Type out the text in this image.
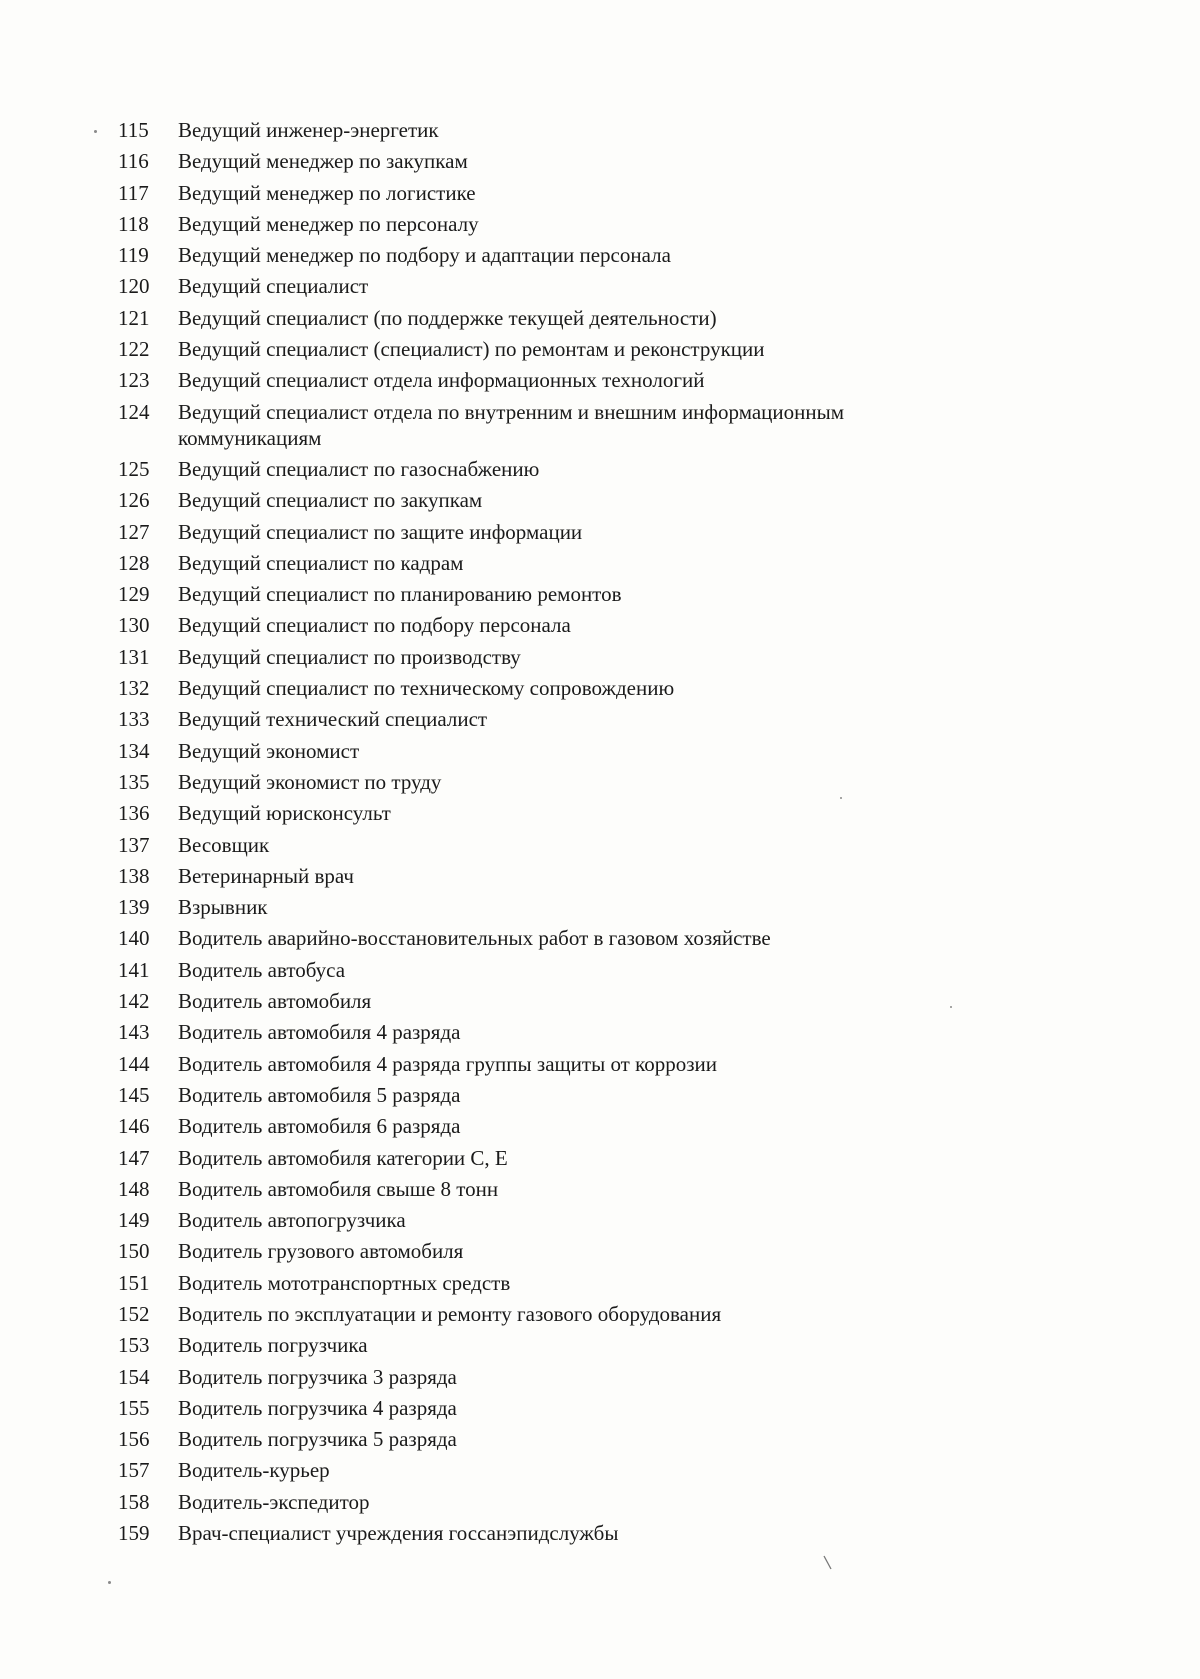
115	Ведущий инженер-энергетик
116	Ведущий менеджер по закупкам
117	Ведущий менеджер по логистике
118	Ведущий менеджер по персоналу
119	Ведущий менеджер по подбору и адаптации персонала
120	Ведущий специалист
121	Ведущий специалист (по поддержке текущей деятельности)
122	Ведущий специалист (специалист) по ремонтам и реконструкции
123	Ведущий специалист отдела информационных технологий
124	Ведущий специалист отдела по внутренним и внешним информационным коммуникациям
125	Ведущий специалист по газоснабжению
126	Ведущий специалист по закупкам
127	Ведущий специалист по защите информации
128	Ведущий специалист по кадрам
129	Ведущий специалист по планированию ремонтов
130	Ведущий специалист по подбору персонала
131	Ведущий специалист по производству
132	Ведущий специалист по техническому сопровождению
133	Ведущий технический специалист
134	Ведущий экономист
135	Ведущий экономист по труду
136	Ведущий юрисконсульт
137	Весовщик
138	Ветеринарный врач
139	Взрывник
140	Водитель аварийно-восстановительных работ в газовом хозяйстве
141	Водитель автобуса
142	Водитель автомобиля
143	Водитель автомобиля 4 разряда
144	Водитель автомобиля 4 разряда группы защиты от коррозии
145	Водитель автомобиля 5 разряда
146	Водитель автомобиля 6 разряда
147	Водитель автомобиля категории С, Е
148	Водитель автомобиля свыше 8 тонн
149	Водитель автопогрузчика
150	Водитель грузового автомобиля
151	Водитель мототранспортных средств
152	Водитель по эксплуатации и ремонту газового оборудования
153	Водитель погрузчика
154	Водитель погрузчика 3 разряда
155	Водитель погрузчика 4 разряда
156	Водитель погрузчика 5 разряда
157	Водитель-курьер
158	Водитель-экспедитор
159	Врач-специалист учреждения госсанэпидслужбы
